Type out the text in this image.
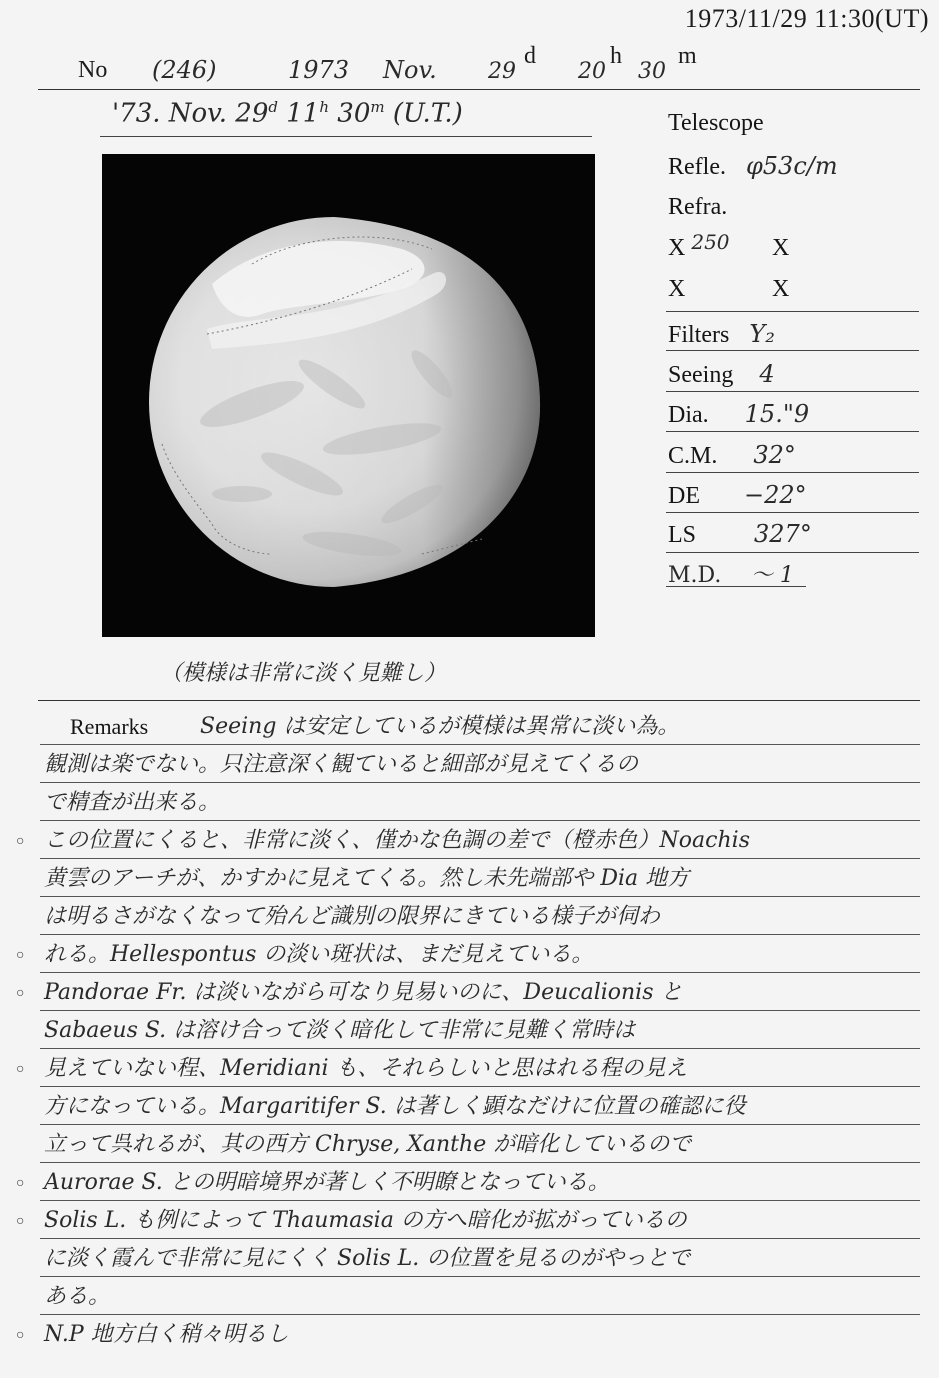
1973/11/29 11:30(UT)
No (246)	1973 Nov. 29
d
20
h
30
m
'73. Nov. 29$^d$ 11$^h$ 30$^m$ (U.T.)
（模様は非常に淡く見難し）
Telescope
Refle. φ53c/m
Refra.
X $^{250}$ X
X	X
Filters Y₂
Seeing 4
Dia. 15."9
C.M. 32°
DE −22°
LS 327°
M.D. 〜 1
Remarks Seeing は安定しているが模様は異常に淡い為。
観測は楽でない。只注意深く観ていると細部が見えてくるの
で精査が出来る。
○ この位置にくると、非常に淡く、僅かな色調の差で（橙赤色）Noachis
黄雲のアーチが、かすかに見えてくる。然し未先端部や Dia 地方
は明るさがなくなって殆んど識別の限界にきている様子が伺わ
○ れる。Hellespontus の淡い斑状は、まだ見えている。
○ Pandorae Fr. は淡いながら可なり見易いのに、Deucalionis と
Sabaeus S. は溶け合って淡く暗化して非常に見難く常時は
○ 見えていない程、Meridiani も、それらしいと思はれる程の見え
方になっている。Margaritifer S. は著しく顕なだけに位置の確認に役
立って呉れるが、其の西方 Chryse, Xanthe が暗化しているので
○ Aurorae S. との明暗境界が著しく不明瞭となっている。
○ Solis L. も例によって Thaumasia の方へ暗化が拡がっているの
に淡く霞んで非常に見にくく Solis L. の位置を見るのがやっとで
ある。
○ N.P 地方白く稍々明るし
